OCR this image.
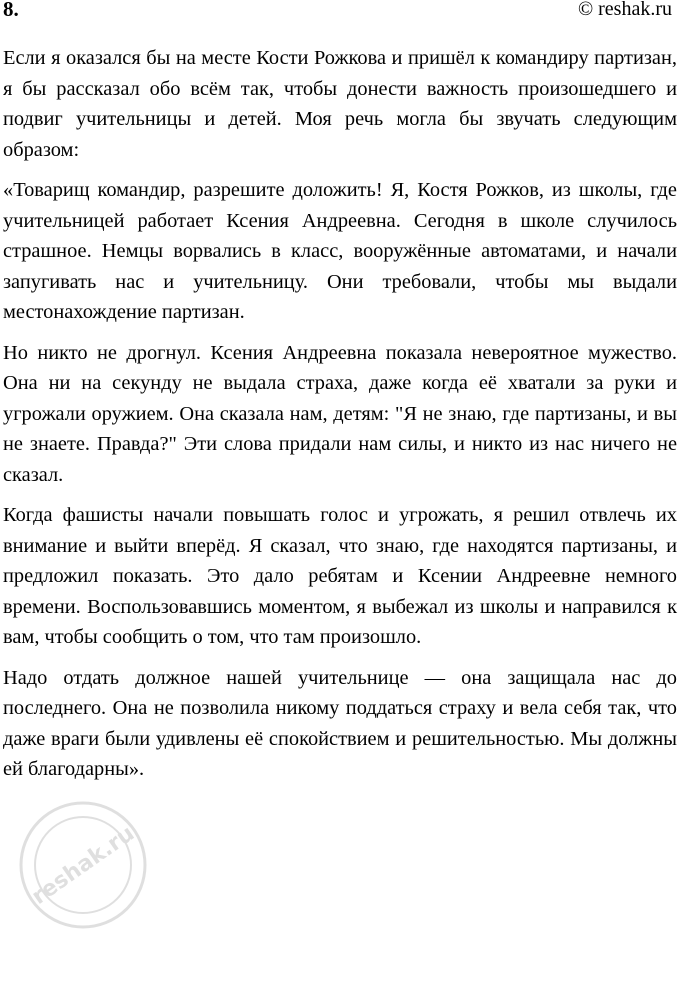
8.	© reshak.ru

Если я оказался бы на месте Кости Рожкова и пришёл к командиру партизан, я бы рассказал обо всём так, чтобы донести важность произошедшего и подвиг учительницы и детей. Моя речь могла бы звучать следующим образом:

«Товарищ командир, разрешите доложить! Я, Костя Рожков, из школы, где учительницей работает Ксения Андреевна. Сегодня в школе случилось страшное. Немцы ворвались в класс, вооружённые автоматами, и начали запугивать нас и учительницу. Они требовали, чтобы мы выдали местонахождение партизан.

Но никто не дрогнул. Ксения Андреевна показала невероятное мужество. Она ни на секунду не выдала страха, даже когда её хватали за руки и угрожали оружием. Она сказала нам, детям: "Я не знаю, где партизаны, и вы не знаете. Правда?" Эти слова придали нам силы, и никто из нас ничего не сказал.

Когда фашисты начали повышать голос и угрожать, я решил отвлечь их внимание и выйти вперёд. Я сказал, что знаю, где находятся партизаны, и предложил показать. Это дало ребятам и Ксении Андреевне немного времени. Воспользовавшись моментом, я выбежал из школы и направился к вам, чтобы сообщить о том, что там произошло.

Надо отдать должное нашей учительнице — она защищала нас до последнего. Она не позволила никому поддаться страху и вела себя так, что даже враги были удивлены её спокойствием и решительностью. Мы должны ей благодарны».

reshak.ru
